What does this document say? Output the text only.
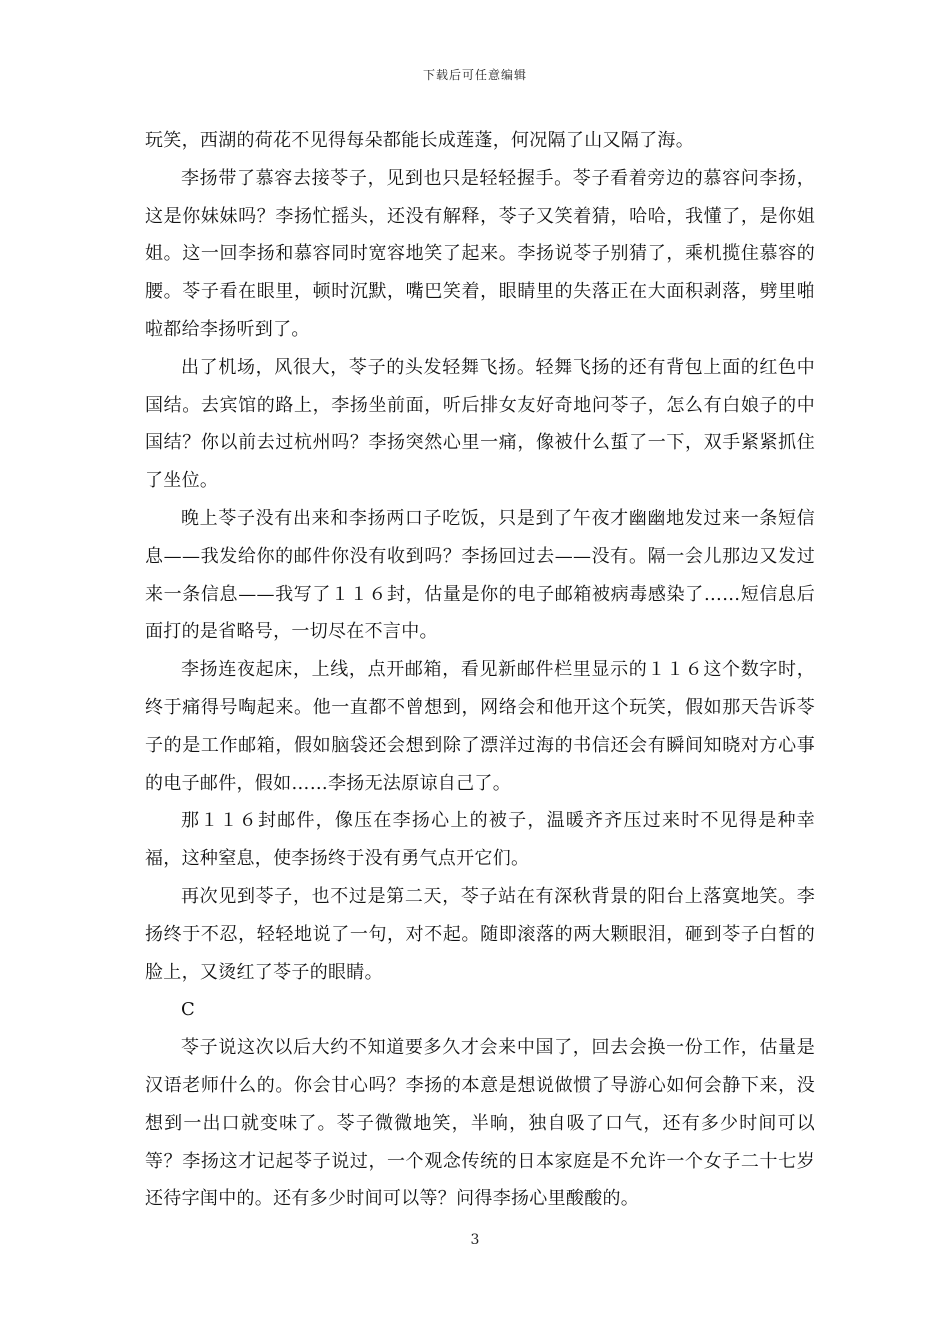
下载后可任意编辑

玩笑，西湖的荷花不见得每朵都能长成莲蓬，何况隔了山又隔了海。

李扬带了慕容去接苓子，见到也只是轻轻握手。苓子看着旁边的慕容问李扬，这是你妹妹吗？李扬忙摇头，还没有解释，苓子又笑着猜，哈哈，我懂了，是你姐姐。这一回李扬和慕容同时宽容地笑了起来。李扬说苓子别猜了，乘机揽住慕容的腰。苓子看在眼里，顿时沉默，嘴巴笑着，眼睛里的失落正在大面积剥落，劈里啪啦都给李扬听到了。

出了机场，风很大，苓子的头发轻舞飞扬。轻舞飞扬的还有背包上面的红色中国结。去宾馆的路上，李扬坐前面，听后排女友好奇地问苓子，怎么有白娘子的中国结？你以前去过杭州吗？李扬突然心里一痛，像被什么蜇了一下，双手紧紧抓住了坐位。

晚上苓子没有出来和李扬两口子吃饭，只是到了午夜才幽幽地发过来一条短信息——我发给你的邮件你没有收到吗？李扬回过去——没有。隔一会儿那边又发过来一条信息——我写了１１６封，估量是你的电子邮箱被病毒感染了……短信息后面打的是省略号，一切尽在不言中。

李扬连夜起床，上线，点开邮箱，看见新邮件栏里显示的１１６这个数字时，终于痛得号啕起来。他一直都不曾想到，网络会和他开这个玩笑，假如那天告诉苓子的是工作邮箱，假如脑袋还会想到除了漂洋过海的书信还会有瞬间知晓对方心事的电子邮件，假如……李扬无法原谅自己了。

那１１６封邮件，像压在李扬心上的被子，温暖齐齐压过来时不见得是种幸福，这种窒息，使李扬终于没有勇气点开它们。

再次见到苓子，也不过是第二天，苓子站在有深秋背景的阳台上落寞地笑。李扬终于不忍，轻轻地说了一句，对不起。随即滚落的两大颗眼泪，砸到苓子白皙的脸上，又烫红了苓子的眼睛。

C

苓子说这次以后大约不知道要多久才会来中国了，回去会换一份工作，估量是汉语老师什么的。你会甘心吗？李扬的本意是想说做惯了导游心如何会静下来，没想到一出口就变味了。苓子微微地笑，半晌，独自吸了口气，还有多少时间可以等？李扬这才记起苓子说过，一个观念传统的日本家庭是不允许一个女子二十七岁还待字闺中的。还有多少时间可以等？问得李扬心里酸酸的。

3
